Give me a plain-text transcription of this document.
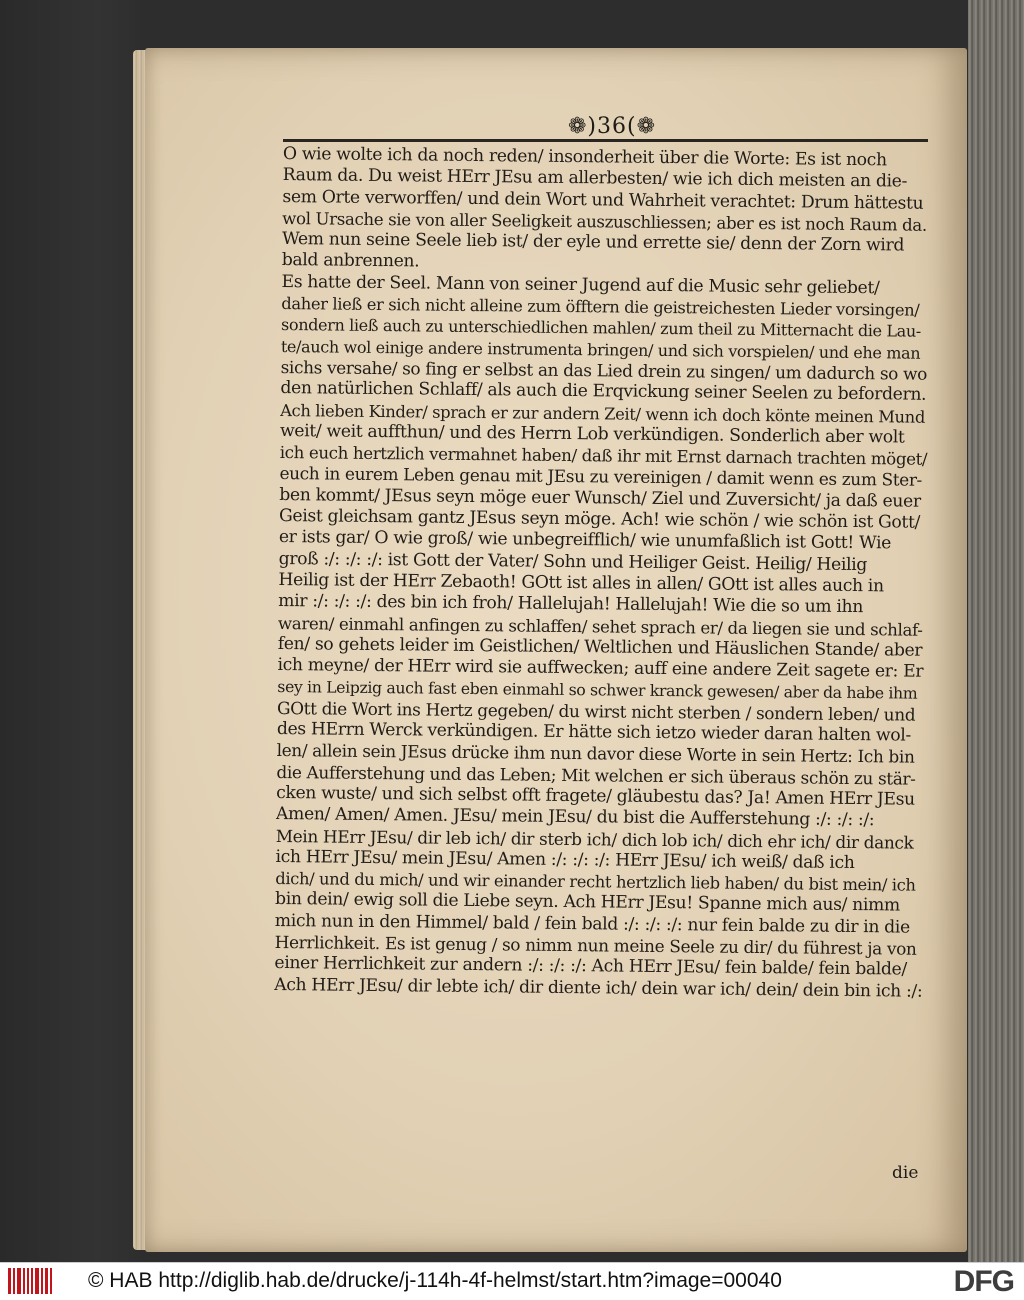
❁)36(❁
O wie wolte ich da noch reden/ insonderheit über die Worte: Es ist noch
Raum da. Du weist HErr JEsu am allerbesten/ wie ich dich meisten an die-
sem Orte verworffen/ und dein Wort und Wahrheit verachtet: Drum hättestu
wol Ursache sie von aller Seeligkeit auszuschliessen; aber es ist noch Raum da.
Wem nun seine Seele lieb ist/ der eyle und errette sie/ denn der Zorn wird
bald anbrennen.
Es hatte der Seel. Mann von seiner Jugend auf die Music sehr geliebet/
daher ließ er sich nicht alleine zum öfftern die geistreichesten Lieder vorsingen/
sondern ließ auch zu unterschiedlichen mahlen/ zum theil zu Mitternacht die Lau-
te/auch wol einige andere instrumenta bringen/ und sich vorspielen/ und ehe man
sichs versahe/ so fing er selbst an das Lied drein zu singen/ um dadurch so wo
den natürlichen Schlaff/ als auch die Erqvickung seiner Seelen zu befordern.
Ach lieben Kinder/ sprach er zur andern Zeit/ wenn ich doch könte meinen Mund
weit/ weit auffthun/ und des Herrn Lob verkündigen. Sonderlich aber wolt
ich euch hertzlich vermahnet haben/ daß ihr mit Ernst darnach trachten möget/
euch in eurem Leben genau mit JEsu zu vereinigen / damit wenn es zum Ster-
ben kommt/ JEsus seyn möge euer Wunsch/ Ziel und Zuversicht/ ja daß euer
Geist gleichsam gantz JEsus seyn möge. Ach! wie schön / wie schön ist Gott/
er ists gar/ O wie groß/ wie unbegreifflich/ wie unumfaßlich ist Gott! Wie
groß :/: :/: :/: ist Gott der Vater/ Sohn und Heiliger Geist. Heilig/ Heilig
Heilig ist der HErr Zebaoth! GOtt ist alles in allen/ GOtt ist alles auch in
mir :/: :/: :/: des bin ich froh/ Hallelujah! Hallelujah! Wie die so um ihn
waren/ einmahl anfingen zu schlaffen/ sehet sprach er/ da liegen sie und schlaf-
fen/ so gehets leider im Geistlichen/ Weltlichen und Häuslichen Stande/ aber
ich meyne/ der HErr wird sie auffwecken; auff eine andere Zeit sagete er: Er
sey in Leipzig auch fast eben einmahl so schwer kranck gewesen/ aber da habe ihm
GOtt die Wort ins Hertz gegeben/ du wirst nicht sterben / sondern leben/ und
des HErrn Werck verkündigen. Er hätte sich ietzo wieder daran halten wol-
len/ allein sein JEsus drücke ihm nun davor diese Worte in sein Hertz: Ich bin
die Aufferstehung und das Leben; Mit welchen er sich überaus schön zu stär-
cken wuste/ und sich selbst offt fragete/ gläubestu das? Ja! Amen HErr JEsu
Amen/ Amen/ Amen. JEsu/ mein JEsu/ du bist die Aufferstehung :/: :/: :/:
Mein HErr JEsu/ dir leb ich/ dir sterb ich/ dich lob ich/ dich ehr ich/ dir danck
ich HErr JEsu/ mein JEsu/ Amen :/: :/: :/: HErr JEsu/ ich weiß/ daß ich
dich/ und du mich/ und wir einander recht hertzlich lieb haben/ du bist mein/ ich
bin dein/ ewig soll die Liebe seyn. Ach HErr JEsu! Spanne mich aus/ nimm
mich nun in den Himmel/ bald / fein bald :/: :/: :/: nur fein balde zu dir in die
Herrlichkeit. Es ist genug / so nimm nun meine Seele zu dir/ du führest ja von
einer Herrlichkeit zur andern :/: :/: :/: Ach HErr JEsu/ fein balde/ fein balde/
Ach HErr JEsu/ dir lebte ich/ dir diente ich/ dein war ich/ dein/ dein bin ich :/:
die
© HAB http://diglib.hab.de/drucke/j-114h-4f-helmst/start.htm?image=00040	DFG
